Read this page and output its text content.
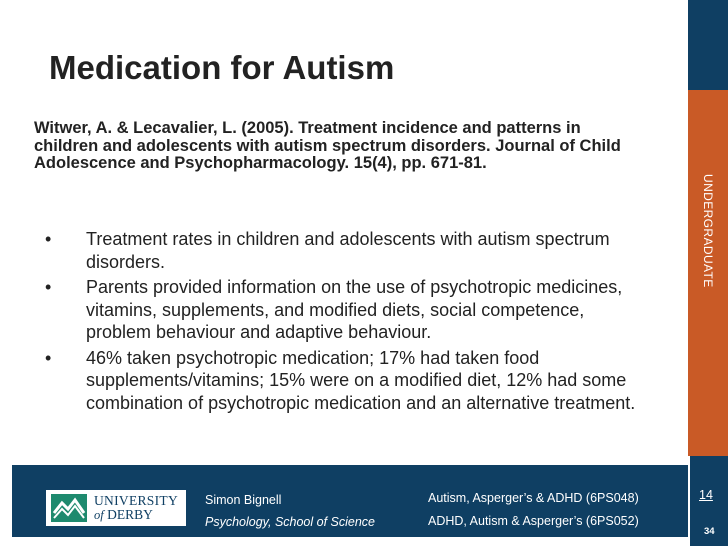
UNDERGRADUATE
Medication for Autism

Witwer, A. & Lecavalier, L. (2005). Treatment incidence and patterns in children and adolescents with autism spectrum disorders. Journal of Child Adolescence and Psychopharmacology. 15(4), pp. 671-81.

• Treatment rates in children and adolescents with autism spectrum disorders.
• Parents provided information on the use of psychotropic medicines, vitamins, supplements, and modified diets, social competence, problem behaviour and adaptive behaviour.
• 46% taken psychotropic medication; 17% had taken food supplements/vitamins; 15% were on a modified diet, 12% had some combination of psychotropic medication and an alternative treatment.
UNIVERSITY
of DERBY
Simon Bignell
Psychology, School of Science
Autism, Asperger’s & ADHD (6PS048)
ADHD, Autism & Asperger’s (6PS052)
14
34
